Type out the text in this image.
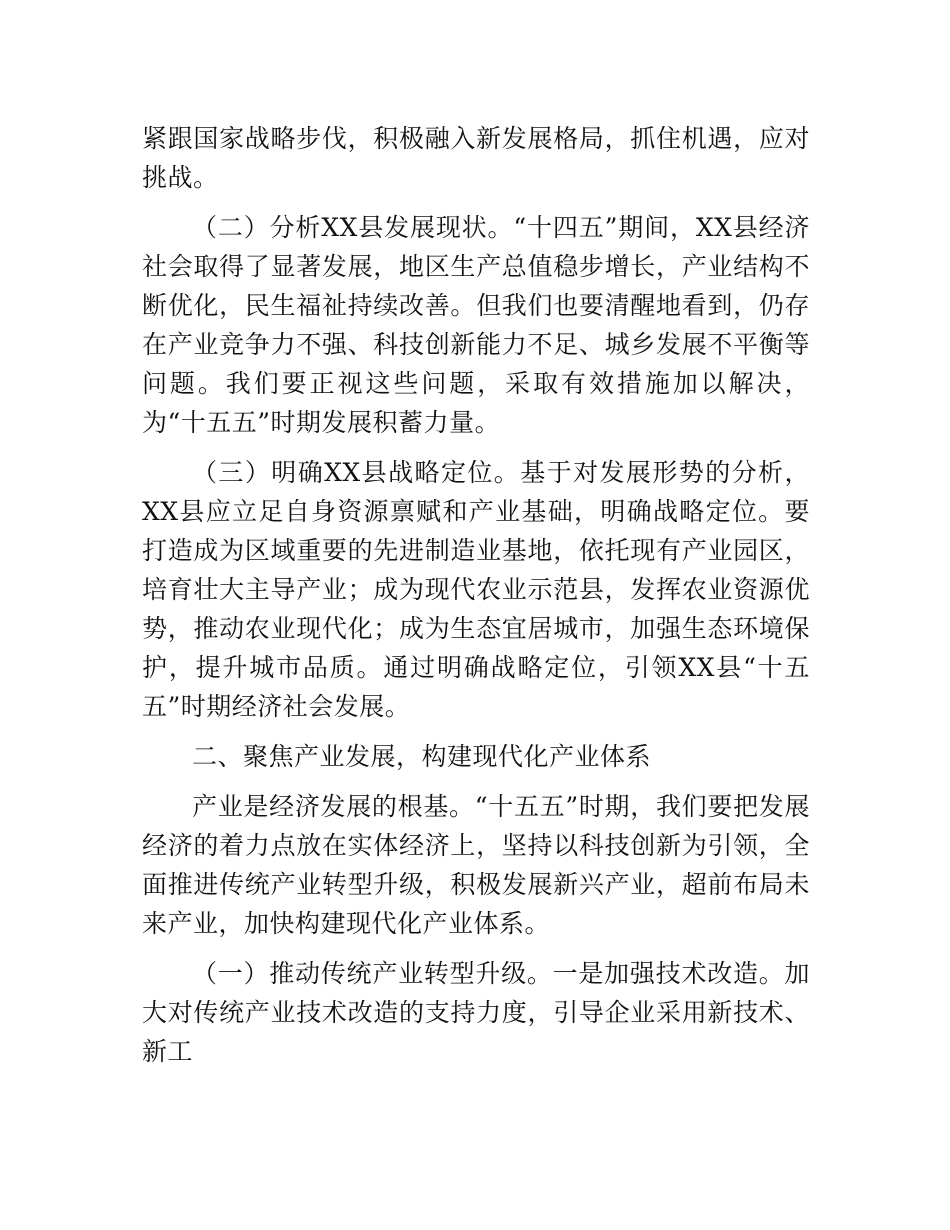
紧跟国家战略步伐，积极融入新发展格局，抓住机遇，应对挑战。

（二）分析XX县发展现状。“十四五”期间，XX县经济社会取得了显著发展，地区生产总值稳步增长，产业结构不断优化，民生福祉持续改善。但我们也要清醒地看到，仍存在产业竞争力不强、科技创新能力不足、城乡发展不平衡等问题。我们要正视这些问题，采取有效措施加以解决，为“十五五”时期发展积蓄力量。

（三）明确XX县战略定位。基于对发展形势的分析，XX县应立足自身资源禀赋和产业基础，明确战略定位。要打造成为区域重要的先进制造业基地，依托现有产业园区，培育壮大主导产业；成为现代农业示范县，发挥农业资源优势，推动农业现代化；成为生态宜居城市，加强生态环境保护，提升城市品质。通过明确战略定位，引领XX县“十五五”时期经济社会发展。

二、聚焦产业发展，构建现代化产业体系

产业是经济发展的根基。“十五五”时期，我们要把发展经济的着力点放在实体经济上，坚持以科技创新为引领，全面推进传统产业转型升级，积极发展新兴产业，超前布局未来产业，加快构建现代化产业体系。

（一）推动传统产业转型升级。一是加强技术改造。加大对传统产业技术改造的支持力度，引导企业采用新技术、新工
